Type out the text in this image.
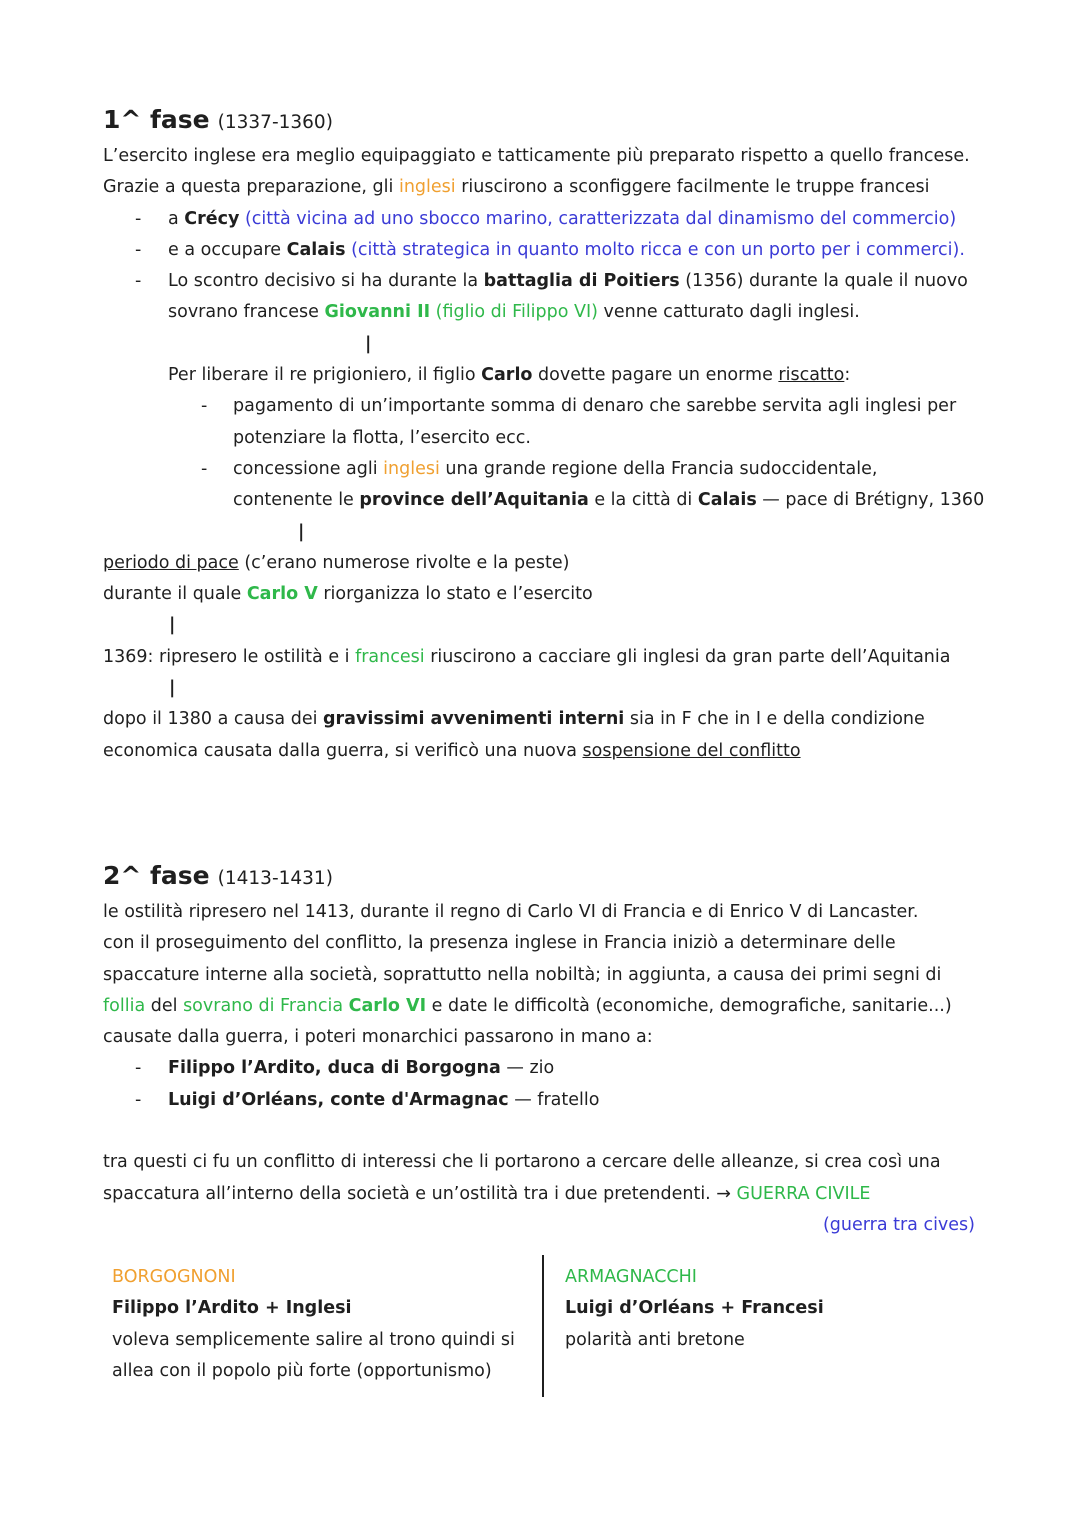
1^ fase (1337-1360)
L’esercito inglese era meglio equipaggiato e tatticamente più preparato rispetto a quello francese.
Grazie a questa preparazione, gli inglesi riuscirono a sconfiggere facilmente le truppe francesi
- a Crécy (città vicina ad uno sbocco marino, caratterizzata dal dinamismo del commercio)
- e a occupare Calais (città strategica in quanto molto ricca e con un porto per i commerci).
- Lo scontro decisivo si ha durante la battaglia di Poitiers (1356) durante la quale il nuovo
sovrano francese Giovanni II (figlio di Filippo VI) venne catturato dagli inglesi.
|
Per liberare il re prigioniero, il figlio Carlo dovette pagare un enorme riscatto:
- pagamento di un’importante somma di denaro che sarebbe servita agli inglesi per
potenziare la flotta, l’esercito ecc.
- concessione agli inglesi una grande regione della Francia sudoccidentale,
contenente le province dell’Aquitania e la città di Calais — pace di Brétigny, 1360
|
periodo di pace (c’erano numerose rivolte e la peste)
durante il quale Carlo V riorganizza lo stato e l’esercito
|
1369: ripresero le ostilità e i francesi riuscirono a cacciare gli inglesi da gran parte dell’Aquitania
|
dopo il 1380 a causa dei gravissimi avvenimenti interni sia in F che in I e della condizione
economica causata dalla guerra, si verificò una nuova sospensione del conflitto
2^ fase (1413-1431)
le ostilità ripresero nel 1413, durante il regno di Carlo VI di Francia e di Enrico V di Lancaster.
con il proseguimento del conflitto, la presenza inglese in Francia iniziò a determinare delle
spaccature interne alla società, soprattutto nella nobiltà; in aggiunta, a causa dei primi segni di
follia del sovrano di Francia Carlo VI e date le difficoltà (economiche, demografiche, sanitarie...)
causate dalla guerra, i poteri monarchici passarono in mano a:
- Filippo l’Ardito, duca di Borgogna — zio
- Luigi d’Orléans, conte d'Armagnac — fratello
tra questi ci fu un conflitto di interessi che li portarono a cercare delle alleanze, si crea così una
spaccatura all’interno della società e un’ostilità tra i due pretendenti. → GUERRA CIVILE
(guerra tra cives)
BORGOGNONI
Filippo l’Ardito + Inglesi
voleva semplicemente salire al trono quindi si
allea con il popolo più forte (opportunismo)
ARMAGNACCHI
Luigi d’Orléans + Francesi
polarità anti bretone
